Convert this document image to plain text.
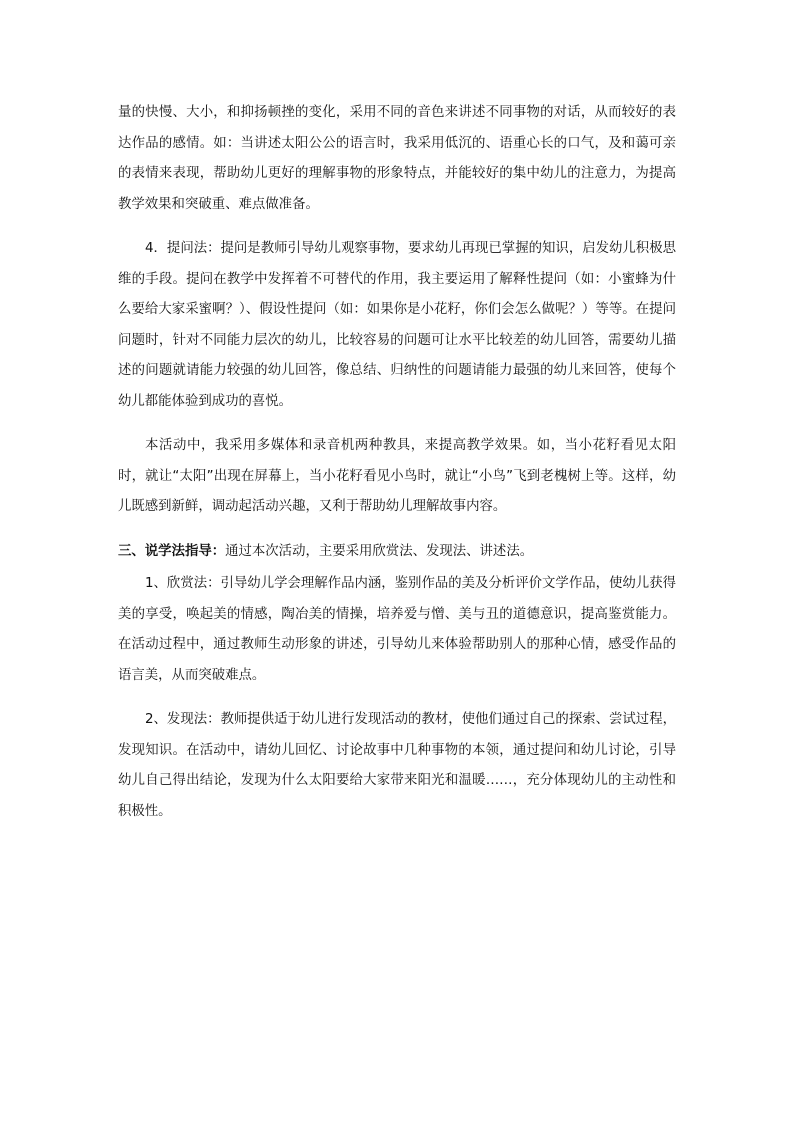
量的快慢、大小，和抑扬顿挫的变化，采用不同的音色来讲述不同事物的对话，从而较好的表达作品的感情。如：当讲述太阳公公的语言时，我采用低沉的、语重心长的口气，及和蔼可亲的表情来表现，帮助幼儿更好的理解事物的形象特点，并能较好的集中幼儿的注意力，为提高教学效果和突破重、难点做准备。

4．提问法：提问是教师引导幼儿观察事物，要求幼儿再现已掌握的知识，启发幼儿积极思维的手段。提问在教学中发挥着不可替代的作用，我主要运用了解释性提问（如：小蜜蜂为什么要给大家采蜜啊？）、假设性提问（如：如果你是小花籽，你们会怎么做呢？）等等。在提问问题时，针对不同能力层次的幼儿，比较容易的问题可让水平比较差的幼儿回答，需要幼儿描述的问题就请能力较强的幼儿回答，像总结、归纳性的问题请能力最强的幼儿来回答，使每个幼儿都能体验到成功的喜悦。

本活动中，我采用多媒体和录音机两种教具，来提高教学效果。如，当小花籽看见太阳时，就让“太阳”出现在屏幕上，当小花籽看见小鸟时，就让“小鸟”飞到老槐树上等。这样，幼儿既感到新鲜，调动起活动兴趣，又利于帮助幼儿理解故事内容。

三、说学法指导：通过本次活动，主要采用欣赏法、发现法、讲述法。

1、欣赏法：引导幼儿学会理解作品内涵，鉴别作品的美及分析评价文学作品，使幼儿获得美的享受，唤起美的情感，陶冶美的情操，培养爱与憎、美与丑的道德意识，提高鉴赏能力。在活动过程中，通过教师生动形象的讲述，引导幼儿来体验帮助别人的那种心情，感受作品的语言美，从而突破难点。

2、发现法：教师提供适于幼儿进行发现活动的教材，使他们通过自己的探索、尝试过程，发现知识。在活动中，请幼儿回忆、讨论故事中几种事物的本领，通过提问和幼儿讨论，引导幼儿自己得出结论，发现为什么太阳要给大家带来阳光和温暖……，充分体现幼儿的主动性和积极性。
